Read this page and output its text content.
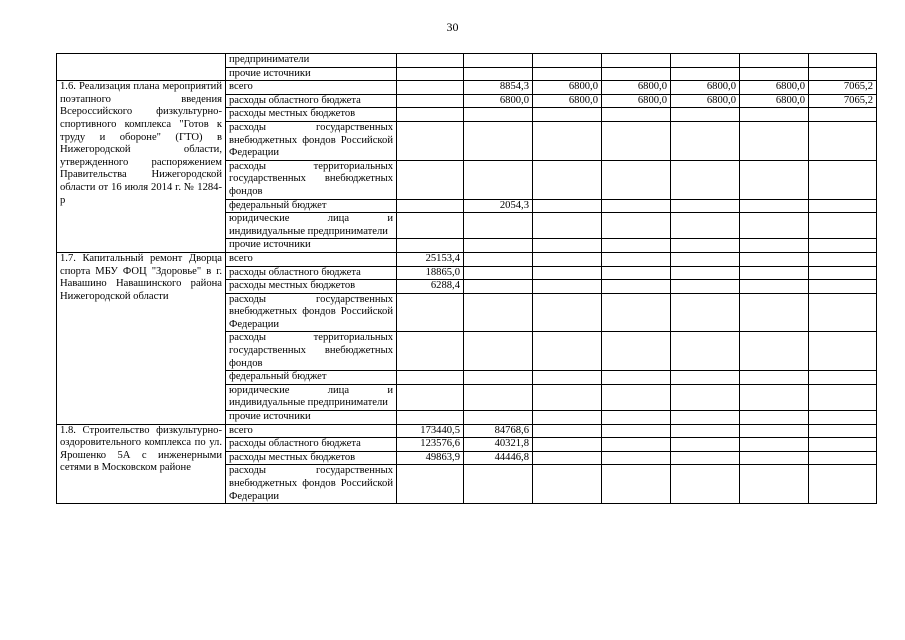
30
	предприниматели							
	прочие источники							
1.6. Реализация плана мероприятий поэтапного введения Всероссийского физкультурно-спортивного комплекса "Готов к труду и обороне" (ГТО) в Нижегородской области, утвержденного распоряжением Правительства Нижегородской области от 16 июля 2014 г. № 1284-р	всего		8854,3	6800,0	6800,0	6800,0	6800,0	7065,2
	расходы областного бюджета		6800,0	6800,0	6800,0	6800,0	6800,0	7065,2
	расходы местных бюджетов							
	расходы государственных внебюджетных фондов Российской Федерации							
	расходы территориальных государственных внебюджетных фондов							
	федеральный бюджет		2054,3					
	юридические лица и индивидуальные предприниматели							
	прочие источники							
1.7. Капитальный ремонт Дворца спорта МБУ ФОЦ "Здоровье" в г. Навашино Навашинского района Нижегородской области	всего	25153,4						
	расходы областного бюджета	18865,0						
	расходы местных бюджетов	6288,4						
	расходы государственных внебюджетных фондов Российской Федерации							
	расходы территориальных государственных внебюджетных фондов							
	федеральный бюджет							
	юридические лица и индивидуальные предприниматели							
	прочие источники							
1.8. Строительство физкультурно-оздоровительного комплекса по ул. Ярошенко 5А с инженерными сетями в Московском районе	всего	173440,5	84768,6					
	расходы областного бюджета	123576,6	40321,8					
	расходы местных бюджетов	49863,9	44446,8					
	расходы государственных внебюджетных фондов Российской Федерации							
